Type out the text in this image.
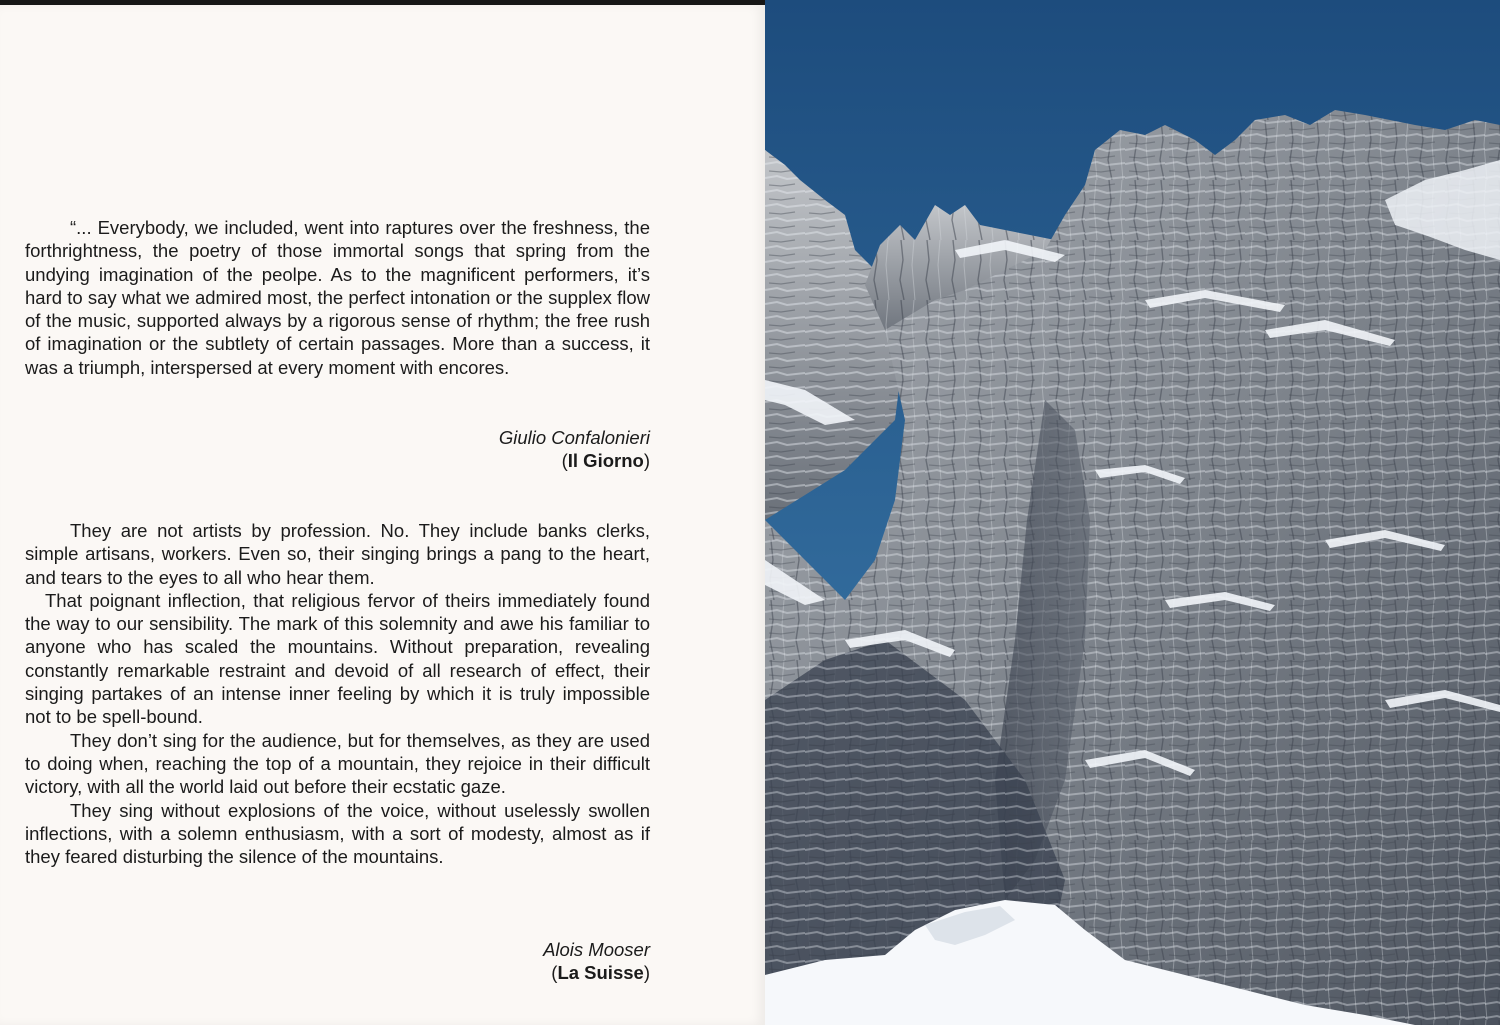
“... Everybody, we included, went into raptures over the freshness, the forthrightness, the poetry of those immortal songs that spring from the undying imagination of the peolpe. As to the magnificent performers, it’s hard to say what we admired most, the perfect intonation or the supplex flow of the music, supported always by a rigorous sense of rhythm; the free rush of imagination or the subtlety of certain passages. More than a success, it was a triumph, interspersed at every moment with encores.

Giulio Confalonieri
(Il Giorno)

They are not artists by profession. No. They include banks clerks, simple artisans, workers. Even so, their singing brings a pang to the heart, and tears to the eyes to all who hear them.

That poignant inflection, that religious fervor of theirs immediately found the way to our sensibility. The mark of this solemnity and awe his familiar to anyone who has scaled the mountains. Without preparation, revealing constantly remarkable restraint and devoid of all research of effect, their singing partakes of an intense inner feeling by which it is truly impossible not to be spell-bound.

They don’t sing for the audience, but for themselves, as they are used to doing when, reaching the top of a mountain, they rejoice in their difficult victory, with all the world laid out before their ecstatic gaze.

They sing without explosions of the voice, without uselessly swollen inflections, with a solemn enthusiasm, with a sort of modesty, almost as if they feared disturbing the silence of the mountains.

Alois Mooser
(La Suisse)
